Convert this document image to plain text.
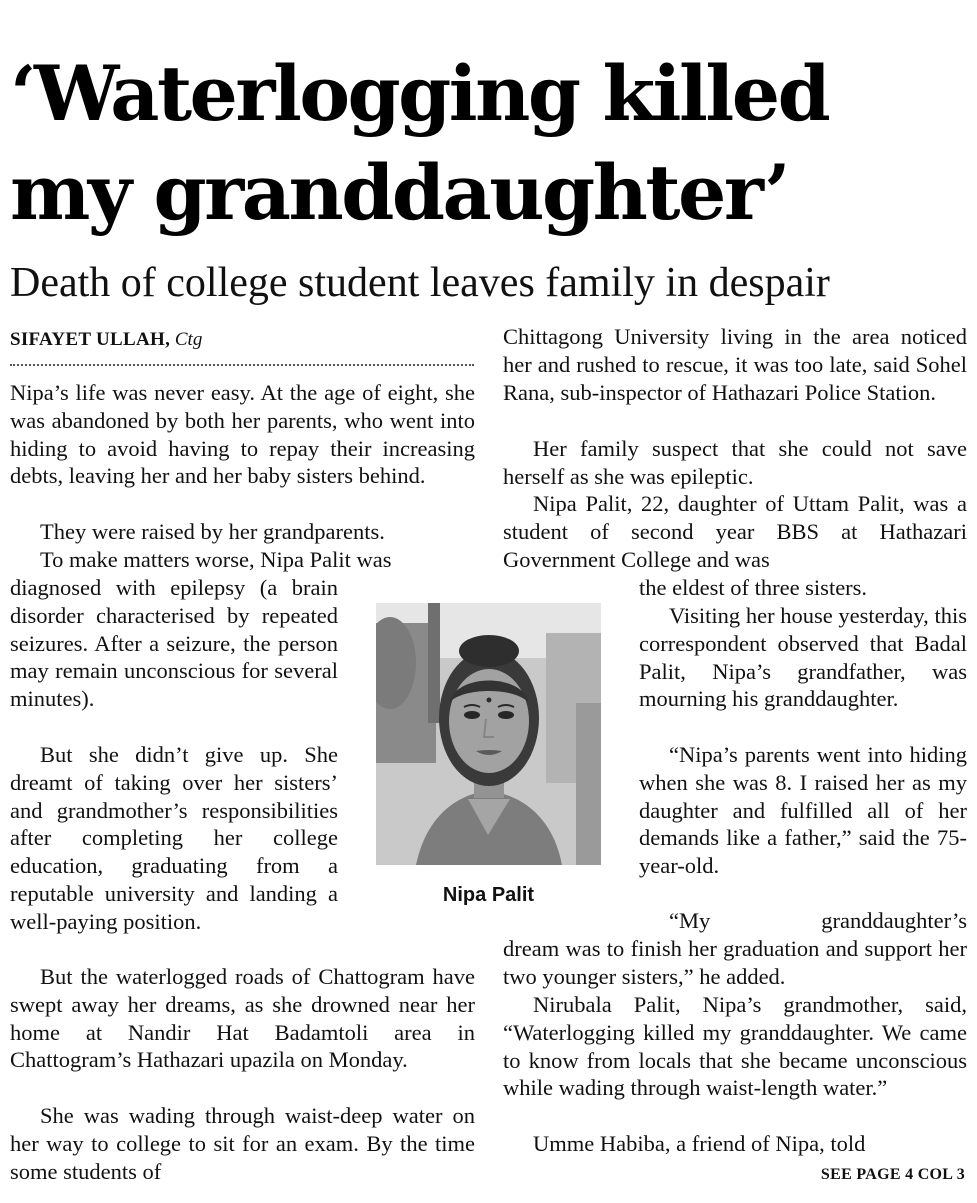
‘Waterlogging killed
my granddaughter’
Death of college student leaves family in despair
SIFAYET ULLAH, Ctg

Nipa’s life was never easy. At the age of eight, she was abandoned by both her parents, who went into hiding to avoid having to repay their increasing debts, leaving her and her baby sisters behind.

They were raised by her grandparents.

To make matters worse, Nipa Palit was

diagnosed with epilepsy (a brain disorder characterised by repeated seizures. After a seizure, the person may remain unconscious for several minutes).

But she didn’t give up. She dreamt of taking over her sisters’ and grandmother’s responsibilities after completing her college education, graduating from a reputable university and landing a well-paying position.

But the waterlogged roads of Chattogram have swept away her dreams, as she drowned near her home at Nandir Hat Badamtoli area in Chattogram’s Hathazari upazila on Monday.

She was wading through waist-deep water on her way to college to sit for an exam. By the time some students of

Nipa Palit

Chittagong University living in the area noticed her and rushed to rescue, it was too late, said Sohel Rana, sub-inspector of Hathazari Police Station.

Her family suspect that she could not save herself as she was epileptic.

Nipa Palit, 22, daughter of Uttam Palit, was a student of second year BBS at Hathazari Government College and was

the eldest of three sisters.

Visiting her house yesterday, this correspondent observed that Badal Palit, Nipa’s grandfather, was mourning his granddaughter.

“Nipa’s parents went into hiding when she was 8. I raised her as my daughter and fulfilled all of her demands like a father,” said the 75-year-old.

“My granddaughter’s

dream was to finish her graduation and support her two younger sisters,” he added.

Nirubala Palit, Nipa’s grandmother, said, “Waterlogging killed my granddaughter. We came to know from locals that she became unconscious while wading through waist-length water.”

Umme Habiba, a friend of Nipa, told

SEE PAGE 4 COL 3
